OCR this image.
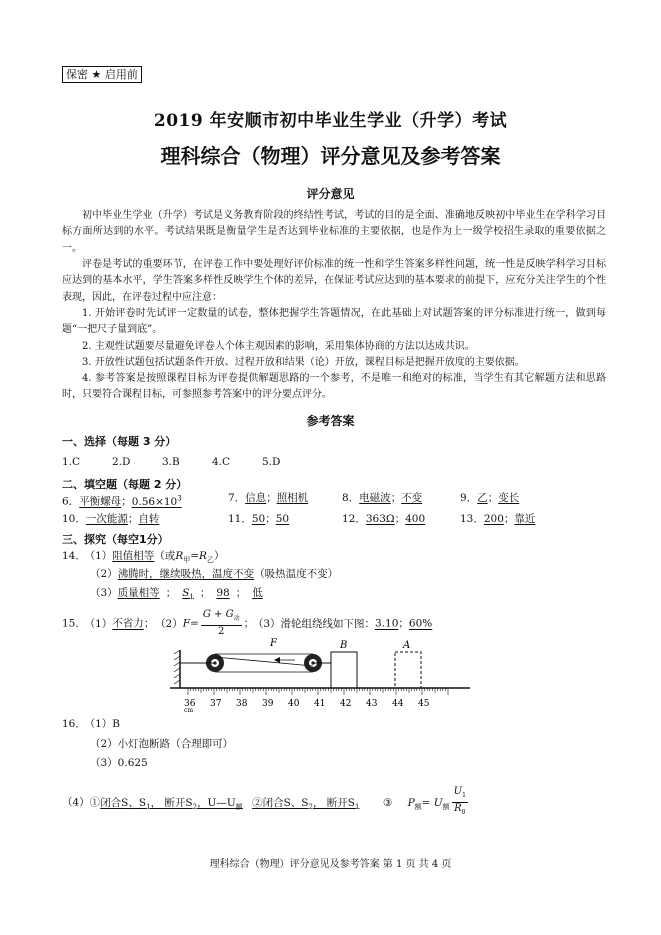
保密 ★ 启用前
2019 年安顺市初中毕业生学业（升学）考试
理科综合（物理）评分意见及参考答案
评分意见
初中毕业生学业（升学）考试是义务教育阶段的终结性考试，考试的目的是全面、准确地反映初中毕业生在学科学习目标方面所达到的水平。考试结果既是衡量学生是否达到毕业标准的主要依据，也是作为上一级学校招生录取的重要依据之一。
评卷是考试的重要环节，在评卷工作中要处理好评价标准的统一性和学生答案多样性问题，统一性是反映学科学习目标应达到的基本水平，学生答案多样性反映学生个体的差异，在保证考试应达到的基本要求的前提下，应充分关注学生的个性表现，因此，在评卷过程中应注意：
1. 开始评卷时先试评一定数量的试卷，整体把握学生答题情况，在此基础上对试题答案的评分标准进行统一，做到每题“一把尺子量到底”。
2. 主观性试题要尽量避免评卷人个体主观因素的影响，采用集体协商的方法以达成共识。
3. 开放性试题包括试题条件开放、过程开放和结果（论）开放，课程目标是把握开放度的主要依据。
4. 参考答案是按照课程目标为评卷提供解题思路的一个参考，不是唯一和绝对的标准，当学生有其它解题方法和思路时，只要符合课程目标，可参照参考答案中的评分要点评分。
参考答案
一、选择（每题 3 分）
1.C	2.D	3.B	4.C	5.D
二、填空题（每题 2 分）
6．平衡螺母；$0.56\times 10^3$	7．信息；照相机	8．电磁波；不变	9．乙；变长
10．一次能源；自转	11．50；50	12．363Ω；400	13．200；靠近
三、探究（每空1分）
14． （1）阻值相等（或$R_甲=R_乙$）
（2）沸腾时，继续吸热，温度不变（吸热温度不变）
（3）质量相等 ； $S_1$ ； 98 ； 低
15． （1）不省力； $(2)F= \frac{G + G_动}{2}$ ； （3）滑轮组绕线如下图：3.10；60%
F	B	A
36 37 38 39 40 41 42 43 44 45
cm
16． （1）B
（2）小灯泡断路（合理即可）
（3）0.625
（4）①闭合S、$S_1$， 断开$S_2$，$U—U_额$ ②闭合S、$S_2$， 断开$S_1$ ③ $P_额= U_额 \frac{U_1}{R_0}$
理科综合（物理）评分意见及参考答案 第 1 页 共 4 页
